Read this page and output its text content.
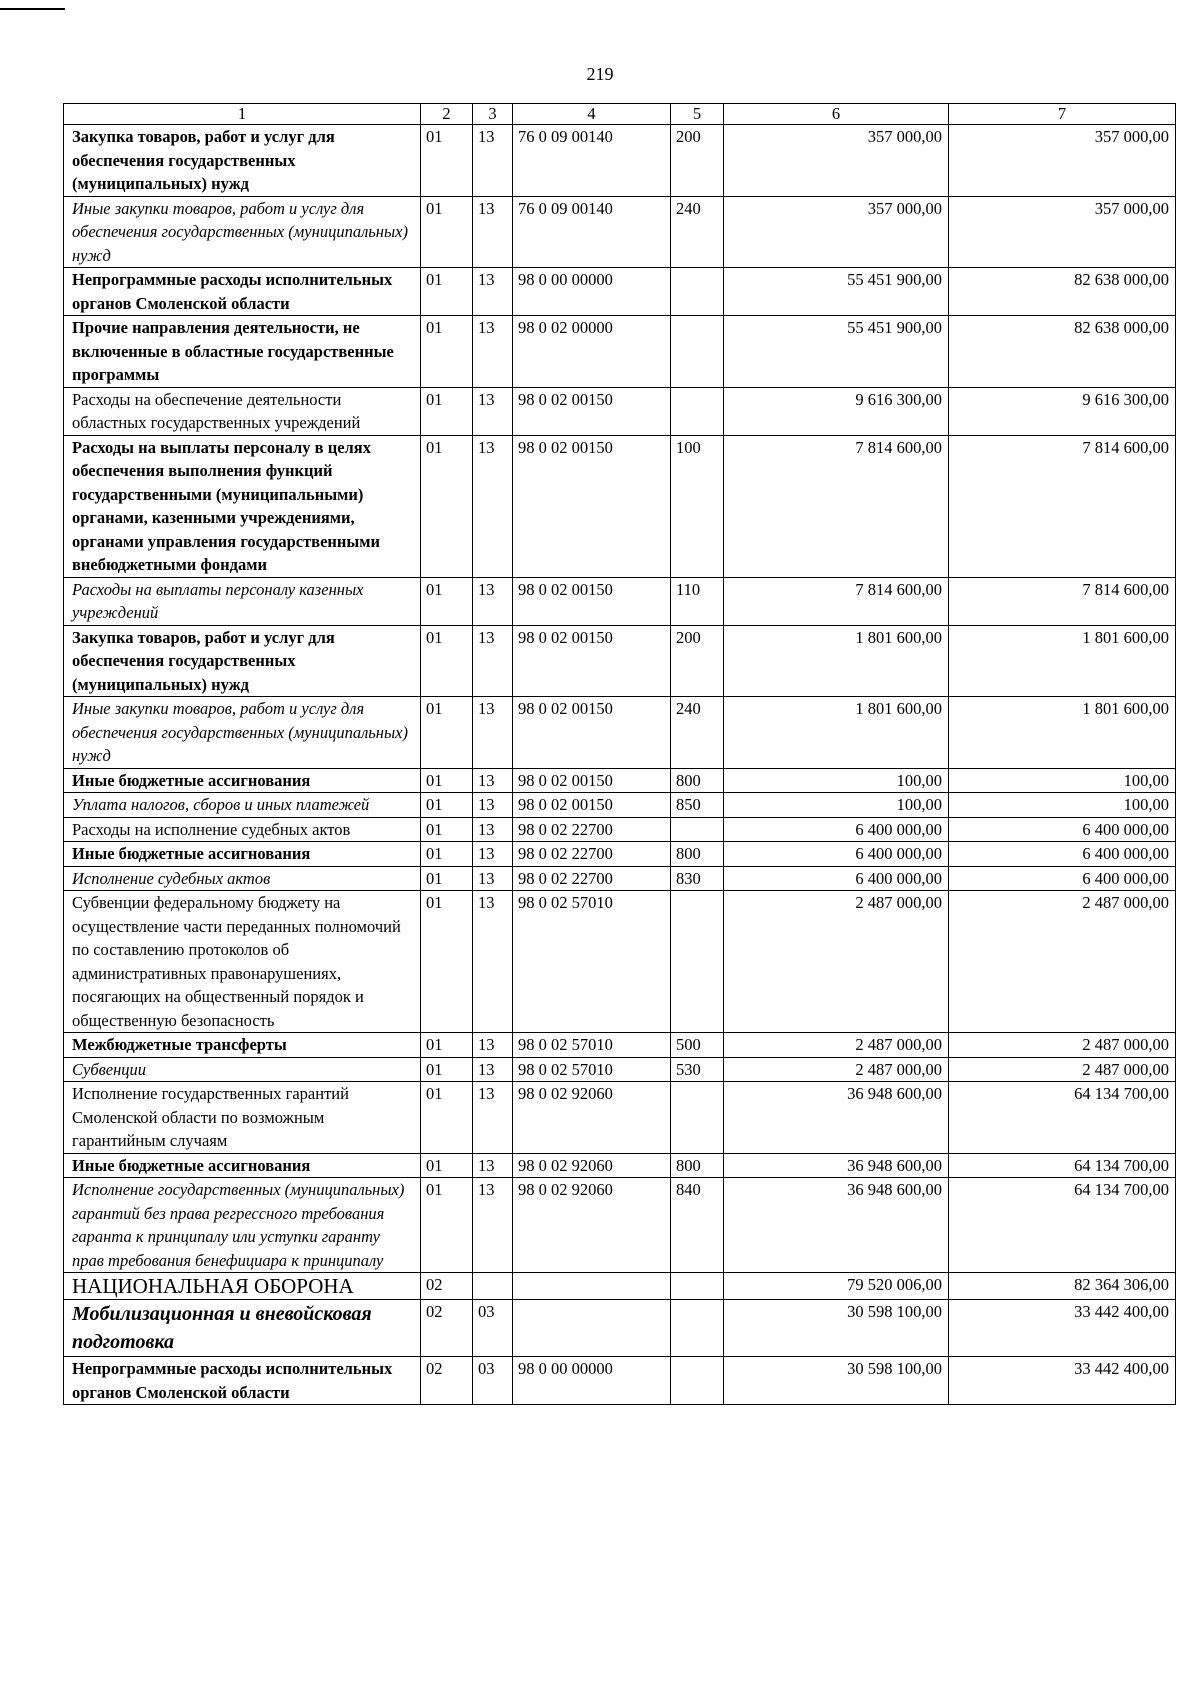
219
1	2	3	4	5	6	7
Закупка товаров, работ и услуг для обеспечения государственных (муниципальных) нужд	01	13	76 0 09 00140	200	357 000,00	357 000,00
Иные закупки товаров, работ и услуг для обеспечения государственных (муниципальных) нужд	01	13	76 0 09 00140	240	357 000,00	357 000,00
Непрограммные расходы исполнительных органов Смоленской области	01	13	98 0 00 00000		55 451 900,00	82 638 000,00
Прочие направления деятельности, не включенные в областные государственные программы	01	13	98 0 02 00000		55 451 900,00	82 638 000,00
Расходы на обеспечение деятельности областных государственных учреждений	01	13	98 0 02 00150		9 616 300,00	9 616 300,00
Расходы на выплаты персоналу в целях обеспечения выполнения функций государственными (муниципальными) органами, казенными учреждениями, органами управления государственными внебюджетными фондами	01	13	98 0 02 00150	100	7 814 600,00	7 814 600,00
Расходы на выплаты персоналу казенных учреждений	01	13	98 0 02 00150	110	7 814 600,00	7 814 600,00
Закупка товаров, работ и услуг для обеспечения государственных (муниципальных) нужд	01	13	98 0 02 00150	200	1 801 600,00	1 801 600,00
Иные закупки товаров, работ и услуг для обеспечения государственных (муниципальных) нужд	01	13	98 0 02 00150	240	1 801 600,00	1 801 600,00
Иные бюджетные ассигнования	01	13	98 0 02 00150	800	100,00	100,00
Уплата налогов, сборов и иных платежей	01	13	98 0 02 00150	850	100,00	100,00
Расходы на исполнение судебных актов	01	13	98 0 02 22700		6 400 000,00	6 400 000,00
Иные бюджетные ассигнования	01	13	98 0 02 22700	800	6 400 000,00	6 400 000,00
Исполнение судебных актов	01	13	98 0 02 22700	830	6 400 000,00	6 400 000,00
Субвенции федеральному бюджету на осуществление части переданных полномочий по составлению протоколов об административных правонарушениях, посягающих на общественный порядок и общественную безопасность	01	13	98 0 02 57010		2 487 000,00	2 487 000,00
Межбюджетные трансферты	01	13	98 0 02 57010	500	2 487 000,00	2 487 000,00
Субвенции	01	13	98 0 02 57010	530	2 487 000,00	2 487 000,00
Исполнение государственных гарантий Смоленской области по возможным гарантийным случаям	01	13	98 0 02 92060		36 948 600,00	64 134 700,00
Иные бюджетные ассигнования	01	13	98 0 02 92060	800	36 948 600,00	64 134 700,00
Исполнение государственных (муниципальных) гарантий без права регрессного требования гаранта к принципалу или уступки гаранту прав требования бенефициара к принципалу	01	13	98 0 02 92060	840	36 948 600,00	64 134 700,00
НАЦИОНАЛЬНАЯ ОБОРОНА	02				79 520 006,00	82 364 306,00
Мобилизационная и вневойсковая подготовка	02	03			30 598 100,00	33 442 400,00
Непрограммные расходы исполнительных органов Смоленской области	02	03	98 0 00 00000		30 598 100,00	33 442 400,00
